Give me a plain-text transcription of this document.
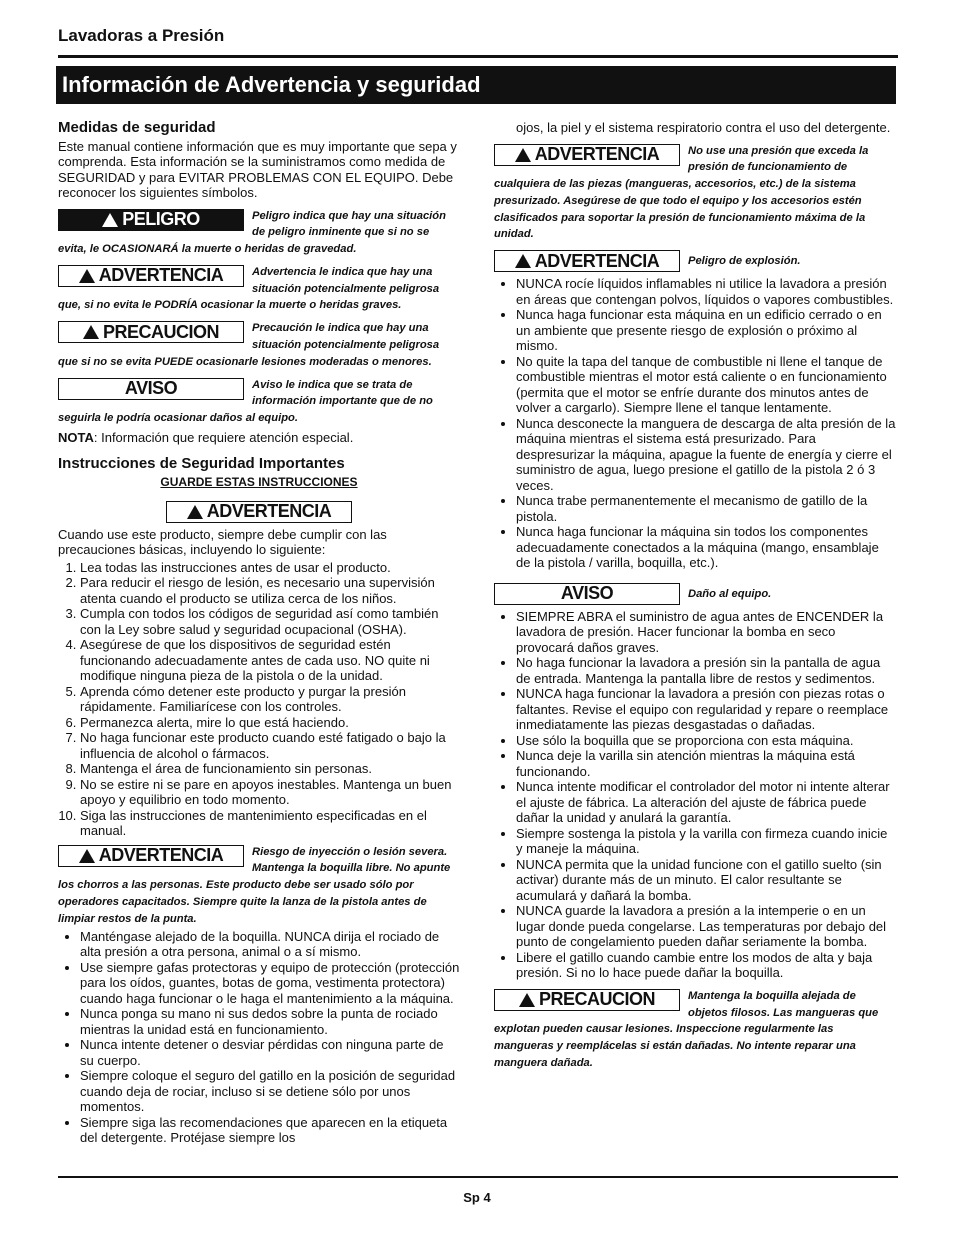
Lavadoras a Presión
Información de Advertencia y seguridad
Medidas de seguridad

Este manual contiene información que es muy importante que sepa y comprenda. Esta información se la suministramos como medida de SEGURIDAD y para EVITAR PROBLEMAS CON EL EQUIPO. Debe reconocer los siguientes símbolos.

PELIGRO	Peligro indica que hay una situación de peligro inminente que si no se evita, le OCASIONARÁ la muerte o heridas de gravedad.
ADVERTENCIA	Advertencia le indica que hay una situación potencialmente peligrosa que, si no evita le PODRÍA ocasionar la muerte o heridas graves.
PRECAUCION	Precaución le indica que hay una situación potencialmente peligrosa que si no se evita PUEDE ocasionarle lesiones moderadas o menores.
AVISO	Aviso le indica que se trata de información importante que de no seguirla le podría ocasionar daños al equipo.

NOTA: Información que requiere atención especial.

Instrucciones de Seguridad Importantes
GUARDE ESTAS INSTRUCCIONES
ADVERTENCIA

Cuando use este producto, siempre debe cumplir con las precauciones básicas, incluyendo lo siguiente:

1. Lea todas las instrucciones antes de usar el producto.
2. Para reducir el riesgo de lesión, es necesario una supervisión atenta cuando el producto se utiliza cerca de los niños.
3. Cumpla con todos los códigos de seguridad así como también con la Ley sobre salud y seguridad ocupacional (OSHA).
4. Asegúrese de que los dispositivos de seguridad estén funcionando adecuadamente antes de cada uso. NO quite ni modifique ninguna pieza de la pistola o de la unidad.
5. Aprenda cómo detener este producto y purgar la presión rápidamente. Familiarícese con los controles.
6. Permanezca alerta, mire lo que está haciendo.
7. No haga funcionar este producto cuando esté fatigado o bajo la influencia de alcohol o fármacos.
8. Mantenga el área de funcionamiento sin personas.
9. No se estire ni se pare en apoyos inestables. Mantenga un buen apoyo y equilibrio en todo momento.
10. Siga las instrucciones de mantenimiento especificadas en el manual.
ADVERTENCIA	Riesgo de inyección o lesión severa. Mantenga la boquilla libre. No apunte los chorros a las personas. Este producto debe ser usado sólo por operadores capacitados. Siempre quite la lanza de la pistola antes de limpiar restos de la punta.
• Manténgase alejado de la boquilla. NUNCA dirija el rociado de alta presión a otra persona, animal o a sí mismo.
• Use siempre gafas protectoras y equipo de protección (protección para los oídos, guantes, botas de goma, vestimenta protectora) cuando haga funcionar o le haga el mantenimiento a la máquina.
• Nunca ponga su mano ni sus dedos sobre la punta de rociado mientras la unidad está en funcionamiento.
• Nunca intente detener o desviar pérdidas con ninguna parte de su cuerpo.
• Siempre coloque el seguro del gatillo en la posición de seguridad cuando deja de rociar, incluso si se detiene sólo por unos momentos.
• Siempre siga las recomendaciones que aparecen en la etiqueta del detergente. Protéjase siempre los

ojos, la piel y el sistema respiratorio contra el uso del detergente.

ADVERTENCIA	No use una presión que exceda la presión de funcionamiento de cualquiera de las piezas (mangueras, accesorios, etc.) de la sistema presurizado. Asegúrese de que todo el equipo y los accesorios estén clasificados para soportar la presión de funcionamiento máxima de la unidad.
ADVERTENCIA	Peligro de explosión.
• NUNCA rocíe líquidos inflamables ni utilice la lavadora a presión en áreas que contengan polvos, líquidos o vapores combustibles.
• Nunca haga funcionar esta máquina en un edificio cerrado o en un ambiente que presente riesgo de explosión o próximo al mismo.
• No quite la tapa del tanque de combustible ni llene el tanque de combustible mientras el motor está caliente o en funcionamiento (permita que el motor se enfríe durante dos minutos antes de volver a cargarlo). Siempre llene el tanque lentamente.
• Nunca desconecte la manguera de descarga de alta presión de la máquina mientras el sistema está presurizado. Para despresurizar la máquina, apague la fuente de energía y cierre el suministro de agua, luego presione el gatillo de la pistola 2 ó 3 veces.
• Nunca trabe permanentemente el mecanismo de gatillo de la pistola.
• Nunca haga funcionar la máquina sin todos los componentes adecuadamente conectados a la máquina (mango, ensamblaje de la pistola / varilla, boquilla, etc.).
AVISO	Daño al equipo.
• SIEMPRE ABRA el suministro de agua antes de ENCENDER la lavadora de presión. Hacer funcionar la bomba en seco provocará daños graves.
• No haga funcionar la lavadora a presión sin la pantalla de agua de entrada. Mantenga la pantalla libre de restos y sedimentos.
• NUNCA haga funcionar la lavadora a presión con piezas rotas o faltantes. Revise el equipo con regularidad y repare o reemplace inmediatamente las piezas desgastadas o dañadas.
• Use sólo la boquilla que se proporciona con esta máquina.
• Nunca deje la varilla sin atención mientras la máquina está funcionando.
• Nunca intente modificar el controlador del motor ni intente alterar el ajuste de fábrica. La alteración del ajuste de fábrica puede dañar la unidad y anulará la garantía.
• Siempre sostenga la pistola y la varilla con firmeza cuando inicie y maneje la máquina.
• NUNCA permita que la unidad funcione con el gatillo suelto (sin activar) durante más de un minuto. El calor resultante se acumulará y dañará la bomba.
• NUNCA guarde la lavadora a presión a la intemperie o en un lugar donde pueda congelarse. Las temperaturas por debajo del punto de congelamiento pueden dañar seriamente la bomba.
• Libere el gatillo cuando cambie entre los modos de alta y baja presión. Si no lo hace puede dañar la boquilla.
PRECAUCION	Mantenga la boquilla alejada de objetos filosos. Las mangueras que explotan pueden causar lesiones. Inspeccione regularmente las mangueras y reemplácelas si están dañadas. No intente reparar una manguera dañada.
Sp 4
